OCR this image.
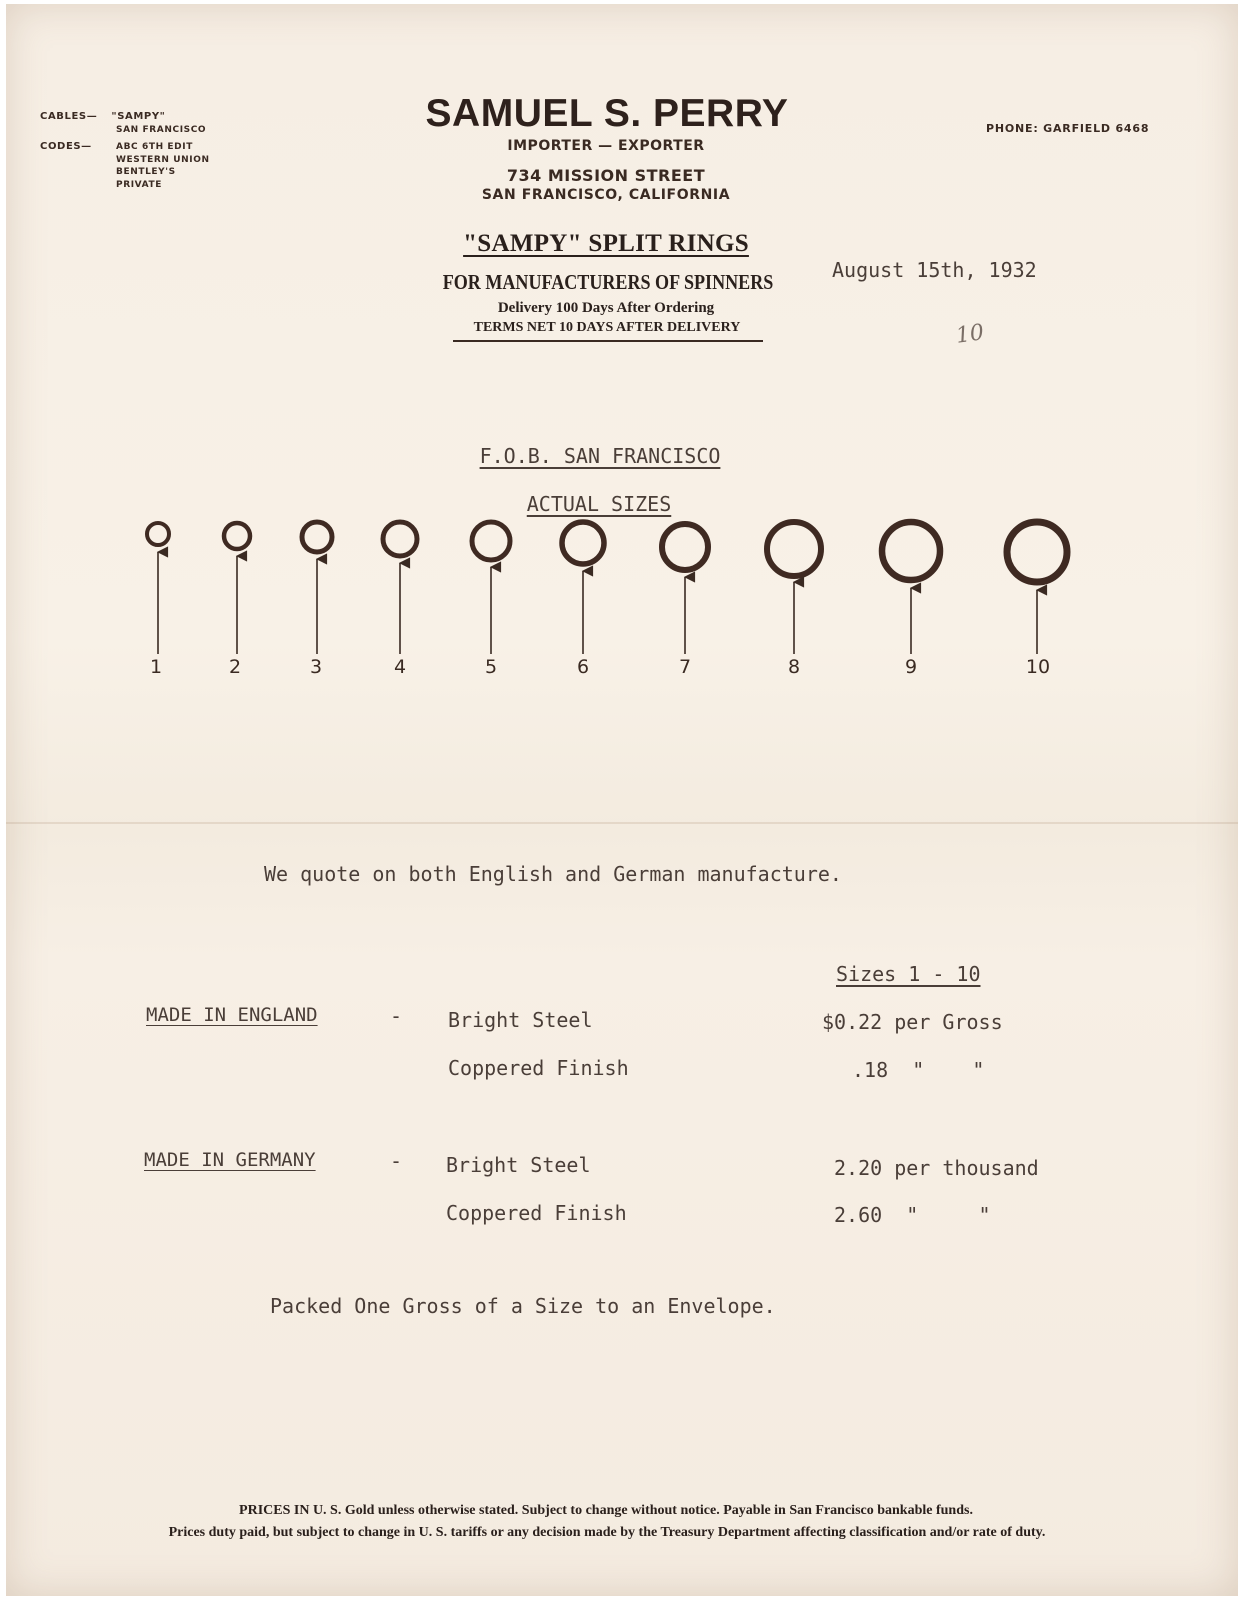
CABLES— "SAMPY"
SAN FRANCISCO
CODES—	ABC 6TH EDIT
WESTERN UNION
BENTLEY'S
PRIVATE
SAMUEL S. PERRY
IMPORTER — EXPORTER
734 MISSION STREET
SAN FRANCISCO, CALIFORNIA
PHONE: GARFIELD 6468
"SAMPY" SPLIT RINGS
FOR MANUFACTURERS OF SPINNERS
Delivery 100 Days After Ordering
TERMS NET 10 DAYS AFTER DELIVERY
August 15th, 1932
10
F.O.B. SAN FRANCISCO
ACTUAL SIZES
1	2	3	4	5	6	7	8	9	10
We quote on both English and German manufacture.
Sizes 1 - 10
MADE IN ENGLAND	- Bright Steel	$0.22 per Gross
Coppered Finish	.18  "    "
MADE IN GERMANY	- Bright Steel	2.20 per thousand
Coppered Finish	2.60  "     "
Packed One Gross of a Size to an Envelope.
PRICES IN U. S. Gold unless otherwise stated. Subject to change without notice. Payable in San Francisco bankable funds.
Prices duty paid, but subject to change in U. S. tariffs or any decision made by the Treasury Department affecting classification and/or rate of duty.
